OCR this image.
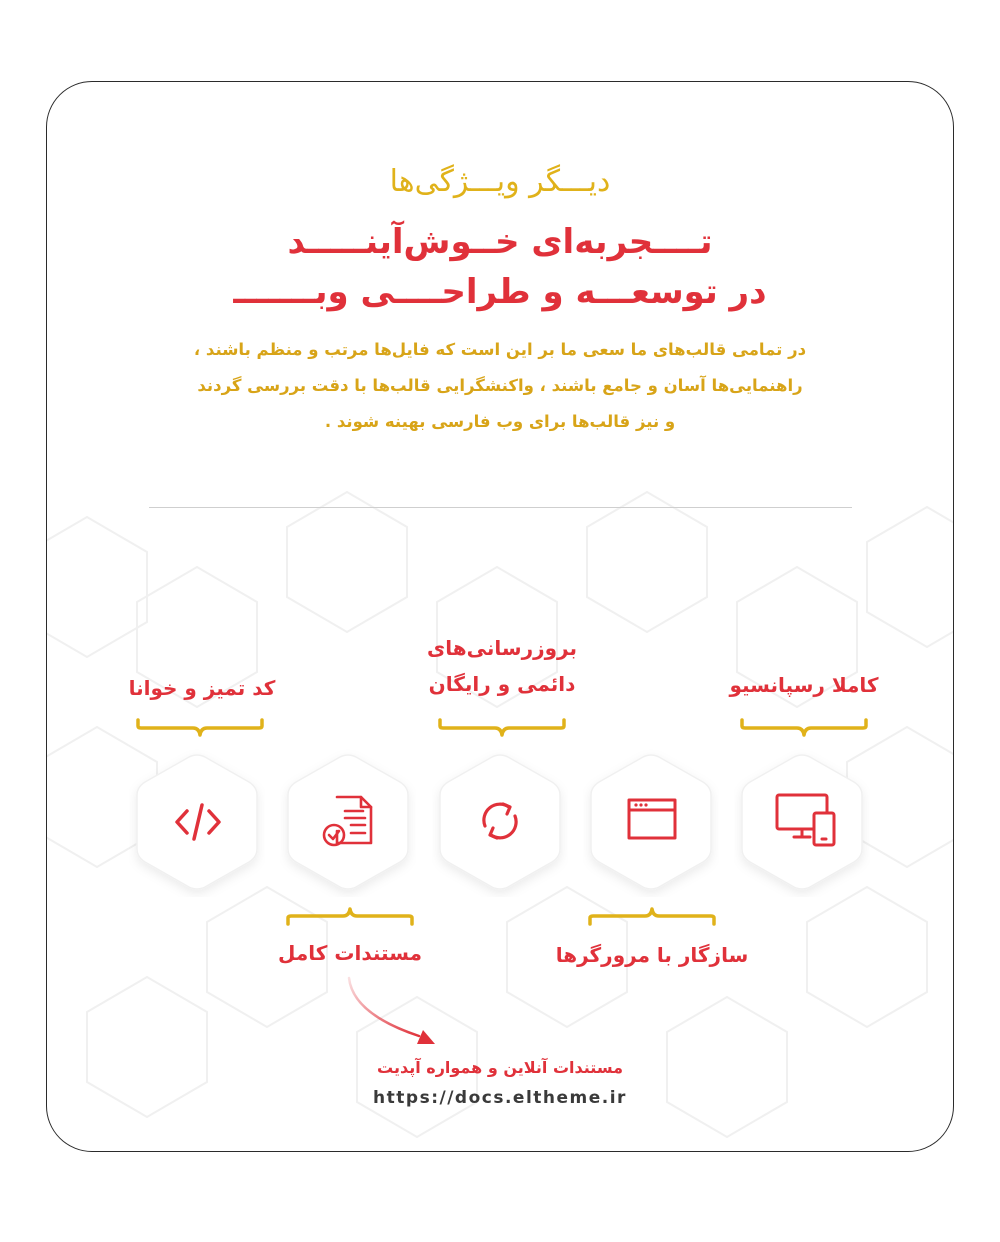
دیـــگر ویـــژگی‌ها
تــــجربه‌ای خــوش‌آینـــــد
در توسعـــه و طراحــــی وبـــــــ
در تمامی قالب‌های ما سعی ما بر این است که فایل‌ها مرتب و منظم باشند ،
راهنمایی‌ها آسان و جامع باشند ، واکنشگرایی قالب‌ها با دقت بررسی گردند
و نیز قالب‌ها برای وب فارسی بهینه شوند .
کد تمیز و خوانا
بروزرسانی‌های
دائمی و رایگان	کاملا رسپانسیو
مستندات کامل	سازگار با مرورگرها
مستندات آنلاین و همواره آپدیت
https://docs.eltheme.ir
